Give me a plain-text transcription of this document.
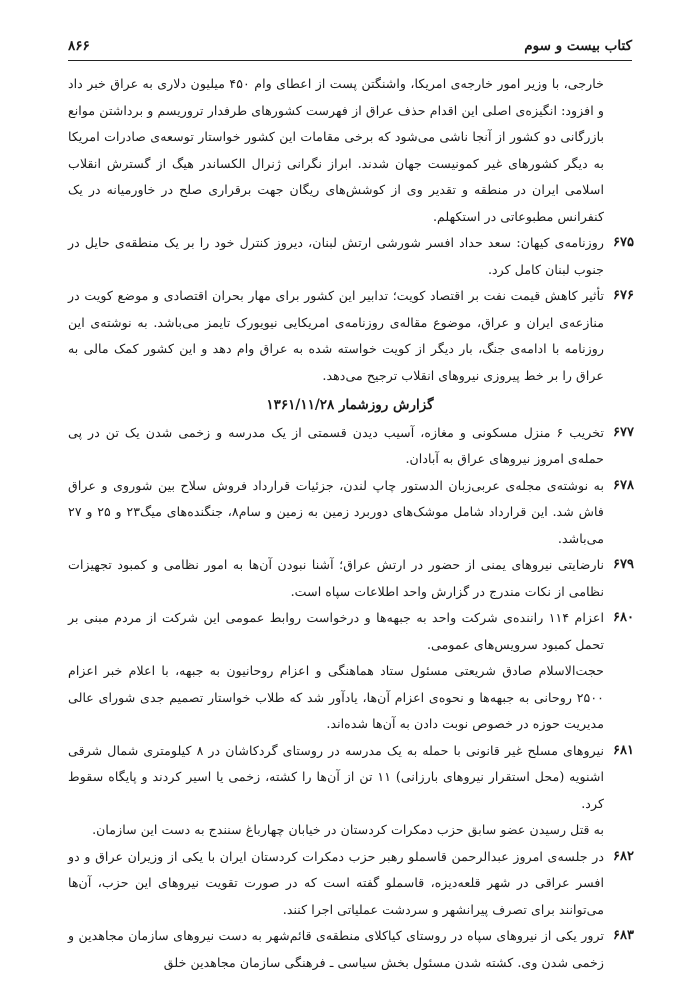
کتاب بیست و سوم
۸۶۶

خارجی، با وزیر امور خارجه‌ی امریکا، واشنگتن پست از اعطای وام ۴۵۰ میلیون دلاری به عراق خبر داد و افزود: انگیزه‌ی اصلی این اقدام حذف عراق از فهرست کشورهای طرفدار تروریسم و برداشتن موانع بازرگانی دو کشور از آنجا ناشی می‌شود که برخی مقامات این کشور خواستار توسعه‌ی صادرات امریکا به دیگر کشورهای غیر کمونیست جهان شدند. ابراز نگرانی ژنرال الکساندر هیگ از گسترش انقلاب اسلامی ایران در منطقه و تقدیر وی از کوشش‌های ریگان جهت برقراری صلح در خاورمیانه در یک کنفرانس مطبوعاتی در استکهلم.

۶۷۵
روزنامه‌ی کیهان: سعد حداد افسر شورشی ارتش لبنان، دیروز کنترل خود را بر یک منطقه‌ی حایل در جنوب لبنان کامل کرد.

۶۷۶
تأثیر کاهش قیمت نفت بر اقتصاد کویت؛ تدابیر این کشور برای مهار بحران اقتصادی و موضع کویت در منازعه‌ی ایران و عراق، موضوع مقاله‌ی روزنامه‌ی امریکایی نیویورک تایمز می‌باشد. به نوشته‌ی این روزنامه با ادامه‌ی جنگ، بار دیگر از کویت خواسته شده به عراق وام دهد و این کشور کمک مالی به عراق را بر خط پیروزی نیروهای انقلاب ترجیح می‌دهد.

گزارش روزشمار ۱۳۶۱/۱۱/۲۸

۶۷۷
تخریب ۶ منزل مسکونی و مغازه، آسیب دیدن قسمتی از یک مدرسه و زخمی شدن یک تن در پی حمله‌ی امروز نیروهای عراق به آبادان.

۶۷۸
به نوشته‌ی مجله‌ی عربی‌زبان الدستور چاپ لندن، جزئیات قرارداد فروش سلاح بین شوروی و عراق فاش شد. این قرارداد شامل موشک‌های دوربرد زمین به زمین و سام۸، جنگنده‌های میگ۲۳ و ۲۵ و ۲۷ می‌باشد.

۶۷۹
نارضایتی نیروهای یمنی از حضور در ارتش عراق؛ آشنا نبودن آن‌ها به امور نظامی و کمبود تجهیزات نظامی از نکات مندرج در گزارش واحد اطلاعات سپاه است.

۶۸۰
اعزام ۱۱۴ راننده‌ی شرکت واحد به جبهه‌ها و درخواست روابط عمومی این شرکت از مردم مبنی بر تحمل کمبود سرویس‌های عمومی.

حجت‌الاسلام صادق شریعتی مسئول ستاد هماهنگی و اعزام روحانیون به جبهه، با اعلام خبر اعزام ۲۵۰۰ روحانی به جبهه‌ها و نحوه‌ی اعزام آن‌ها، یادآور شد که طلاب خواستار تصمیم جدی شورای عالی مدیریت حوزه در خصوص نوبت دادن به آن‌ها شده‌اند.

۶۸۱
نیروهای مسلح غیر قانونی با حمله به یک مدرسه در روستای گردکاشان در ۸ کیلومتری شمال شرقی اشنویه (محل استقرار نیروهای بارزانی) ۱۱ تن از آن‌ها را کشته، زخمی یا اسیر کردند و پایگاه سقوط کرد.

به قتل رسیدن عضو سابق حزب دمکرات کردستان در خیابان چهارباغ سنندج به دست این سازمان.

۶۸۲
در جلسه‌ی امروز عبدالرحمن قاسملو رهبر حزب دمکرات کردستان ایران با یکی از وزیران عراق و دو افسر عراقی در شهر قلعه‌دیزه، قاسملو گفته است که در صورت تقویت نیروهای این حزب، آن‌ها می‌توانند برای تصرف پیرانشهر و سردشت عملیاتی اجرا کنند.

۶۸۳
ترور یکی از نیروهای سپاه در روستای کیاکلای منطقه‌ی قائم‌شهر به دست نیروهای سازمان مجاهدین و زخمی شدن وی. کشته شدن مسئول بخش سیاسی ـ فرهنگی سازمان مجاهدین خلق
